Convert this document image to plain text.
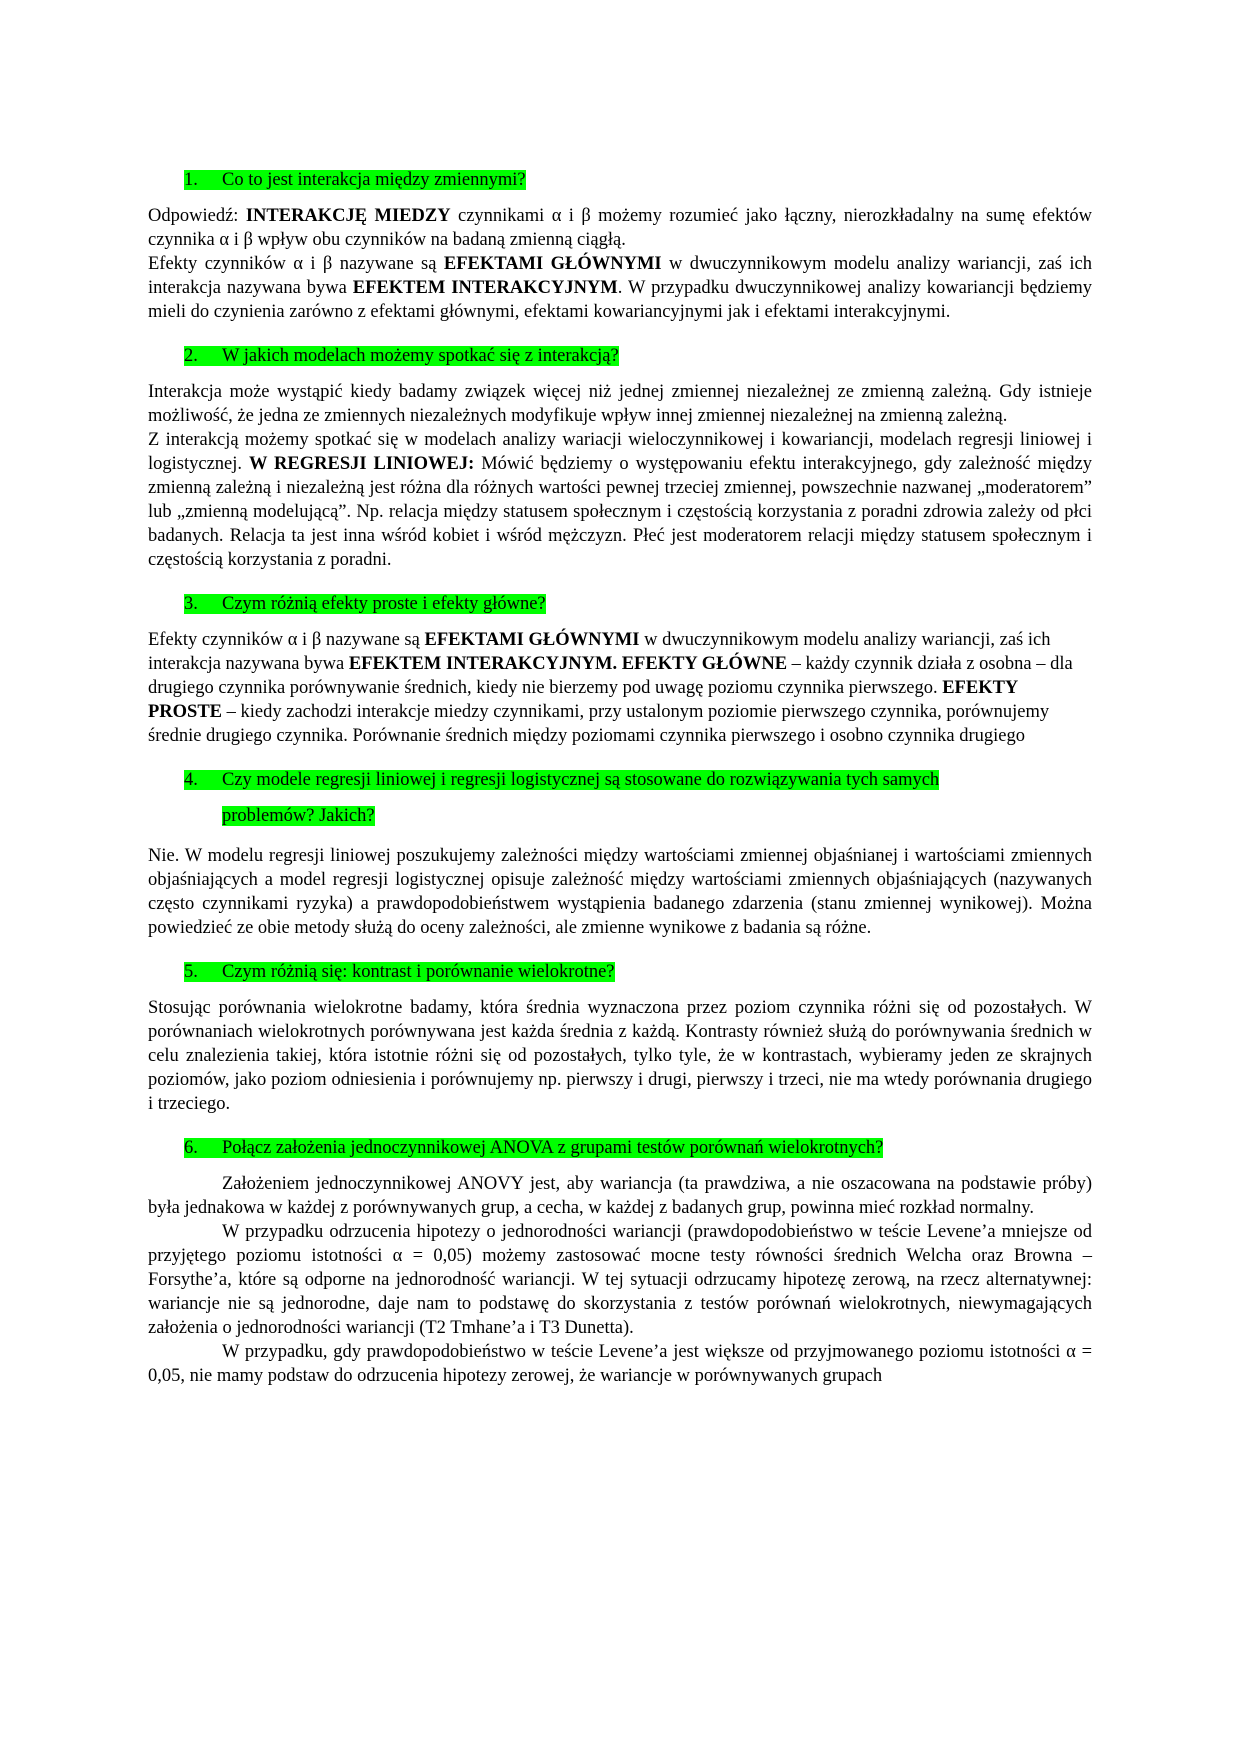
1. Co to jest interakcja między zmiennymi?

Odpowiedź: INTERAKCJĘ MIEDZY czynnikami α i β możemy rozumieć jako łączny, nierozkładalny na sumę efektów czynnika α i β wpływ obu czynników na badaną zmienną ciągłą.

Efekty czynników α i β nazywane są EFEKTAMI GŁÓWNYMI w dwuczynnikowym modelu analizy wariancji, zaś ich interakcja nazywana bywa EFEKTEM INTERAKCYJNYM. W przypadku dwuczynnikowej analizy kowariancji będziemy mieli do czynienia zarówno z efektami głównymi, efektami kowariancyjnymi jak i efektami interakcyjnymi.

2. W jakich modelach możemy spotkać się z interakcją?

Interakcja może wystąpić kiedy badamy związek więcej niż jednej zmiennej niezależnej ze zmienną zależną. Gdy istnieje możliwość, że jedna ze zmiennych niezależnych modyfikuje wpływ innej zmiennej niezależnej na zmienną zależną.

Z interakcją możemy spotkać się w modelach analizy wariacji wieloczynnikowej i kowariancji, modelach regresji liniowej i logistycznej. W REGRESJI LINIOWEJ: Mówić będziemy o występowaniu efektu interakcyjnego, gdy zależność między zmienną zależną i niezależną jest różna dla różnych wartości pewnej trzeciej zmiennej, powszechnie nazwanej „moderatorem” lub „zmienną modelującą”. Np. relacja między statusem społecznym i częstością korzystania z poradni zdrowia zależy od płci badanych. Relacja ta jest inna wśród kobiet i wśród mężczyzn. Płeć jest moderatorem relacji między statusem społecznym i częstością korzystania z poradni.

3. Czym różnią efekty proste i efekty główne?

Efekty czynników α i β nazywane są EFEKTAMI GŁÓWNYMI w dwuczynnikowym modelu analizy wariancji, zaś ich interakcja nazywana bywa EFEKTEM INTERAKCYJNYM. EFEKTY GŁÓWNE – każdy czynnik działa z osobna – dla drugiego czynnika porównywanie średnich, kiedy nie bierzemy pod uwagę poziomu czynnika pierwszego. EFEKTY PROSTE – kiedy zachodzi interakcje miedzy czynnikami, przy ustalonym poziomie pierwszego czynnika, porównujemy średnie drugiego czynnika. Porównanie średnich między poziomami czynnika pierwszego i osobno czynnika drugiego

4. Czy modele regresji liniowej i regresji logistycznej są stosowane do rozwiązywania tych samych
problemów? Jakich?

Nie. W modelu regresji liniowej poszukujemy zależności między wartościami zmiennej objaśnianej i wartościami zmiennych objaśniających a model regresji logistycznej opisuje zależność między wartościami zmiennych objaśniających (nazywanych często czynnikami ryzyka) a prawdopodobieństwem wystąpienia badanego zdarzenia (stanu zmiennej wynikowej). Można powiedzieć ze obie metody służą do oceny zależności, ale zmienne wynikowe z badania są różne.

5. Czym różnią się: kontrast i porównanie wielokrotne?

Stosując porównania wielokrotne badamy, która średnia wyznaczona przez poziom czynnika różni się od pozostałych. W porównaniach wielokrotnych porównywana jest każda średnia z każdą. Kontrasty również służą do porównywania średnich w celu znalezienia takiej, która istotnie różni się od pozostałych, tylko tyle, że w kontrastach, wybieramy jeden ze skrajnych poziomów, jako poziom odniesienia i porównujemy np. pierwszy i drugi, pierwszy i trzeci, nie ma wtedy porównania drugiego i trzeciego.

6. Połącz założenia jednoczynnikowej ANOVA z grupami testów porównań wielokrotnych?

Założeniem jednoczynnikowej ANOVY jest, aby wariancja (ta prawdziwa, a nie oszacowana na podstawie próby) była jednakowa w każdej z porównywanych grup, a cecha, w każdej z badanych grup, powinna mieć rozkład normalny.

W przypadku odrzucenia hipotezy o jednorodności wariancji (prawdopodobieństwo w teście Levene’a mniejsze od przyjętego poziomu istotności α = 0,05) możemy zastosować mocne testy równości średnich Welcha oraz Browna – Forsythe’a, które są odporne na jednorodność wariancji. W tej sytuacji odrzucamy hipotezę zerową, na rzecz alternatywnej: wariancje nie są jednorodne, daje nam to podstawę do skorzystania z testów porównań wielokrotnych, niewymagających założenia o jednorodności wariancji (T2 Tmhane’a i T3 Dunetta).

W przypadku, gdy prawdopodobieństwo w teście Levene’a jest większe od przyjmowanego poziomu istotności α = 0,05, nie mamy podstaw do odrzucenia hipotezy zerowej, że wariancje w porównywanych grupach
